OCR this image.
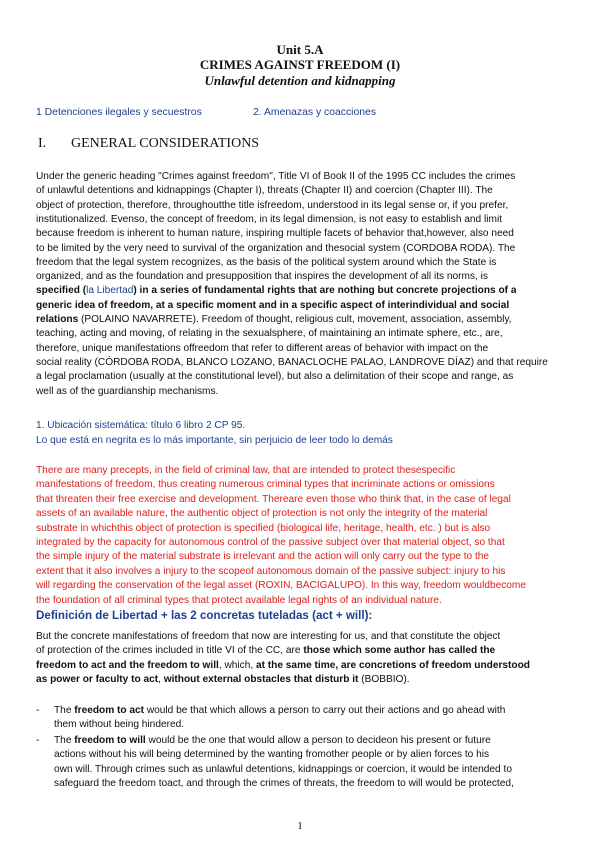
Unit 5.A
CRIMES AGAINST FREEDOM (I)
Unlawful detention and kidnapping
1 Detenciones ilegales y secuestros	2. Amenazas y coacciones
I. GENERAL CONSIDERATIONS
Under the generic heading "Crimes against freedom", Title VI of Book II of the 1995 CC includes the crimes
of unlawful detentions and kidnappings (Chapter I), threats (Chapter II) and coercion (Chapter III). The
object of protection, therefore, throughoutthe title isfreedom, understood in its legal sense or, if you prefer,
institutionalized. Evenso, the concept of freedom, in its legal dimension, is not easy to establish and limit
because freedom is inherent to human nature, inspiring multiple facets of behavior that,however, also need
to be limited by the very need to survival of the organization and thesocial system (CORDOBA RODA). The
freedom that the legal system recognizes, as the basis of the political system around which the State is
organized, and as the foundation and presupposition that inspires the development of all its norms, is
specified (la Libertad) in a series of fundamental rights that are nothing but concrete projections of a
generic idea of freedom, at a specific moment and in a specific aspect of interindividual and social
relations (POLAINO NAVARRETE). Freedom of thought, religious cult, movement, association, assembly,
teaching, acting and moving, of relating in the sexualsphere, of maintaining an intimate sphere, etc., are,
therefore, unique manifestations offreedom that refer to different areas of behavior with impact on the
social reality (CÓRDOBA RODA, BLANCO LOZANO, BANACLOCHE PALAO, LANDROVE DÍAZ) and that require
a legal proclamation (usually at the constitutional level), but also a delimitation of their scope and range, as
well as of the guardianship mechanisms.
1. Ubicación sistemática: título 6 libro 2 CP 95.
Lo que está en negrita es lo más importante, sin perjuicio de leer todo lo demás
There are many precepts, in the field of criminal law, that are intended to protect thesespecific
manifestations of freedom, thus creating numerous criminal types that incriminate actions or omissions
that threaten their free exercise and development. Thereare even those who think that, in the case of legal
assets of an available nature, the authentic object of protection is not only the integrity of the material
substrate in whichthis object of protection is specified (biological life, heritage, health, etc. ) but is also
integrated by the capacity for autonomous control of the passive subject over that material object, so that
the simple injury of the material substrate is irrelevant and the action will only carry out the type to the
extent that it also involves a injury to the scopeof autonomous domain of the passive subject: injury to his
will regarding the conservation of the legal asset (ROXIN, BACIGALUPO). In this way, freedom wouldbecome
the foundation of all criminal types that protect available legal rights of an individual nature.
Definición de Libertad + las 2 concretas tuteladas (act + will):
But the concrete manifestations of freedom that now are interesting for us, and that constitute the object
of protection of the crimes included in title VI of the CC, are those which some author has called the
freedom to act and the freedom to will, which, at the same time, are concretions of freedom understood
as power or faculty to act, without external obstacles that disturb it (BOBBIO).
-	The freedom to act would be that which allows a person to carry out their actions and go ahead with
them without being hindered.
-	The freedom to will would be the one that would allow a person to decideon his present or future
actions without his will being determined by the wanting fromother people or by alien forces to his
own will. Through crimes such as unlawful detentions, kidnappings or coercion, it would be intended to
safeguard the freedom toact, and through the crimes of threats, the freedom to will would be protected,
1
